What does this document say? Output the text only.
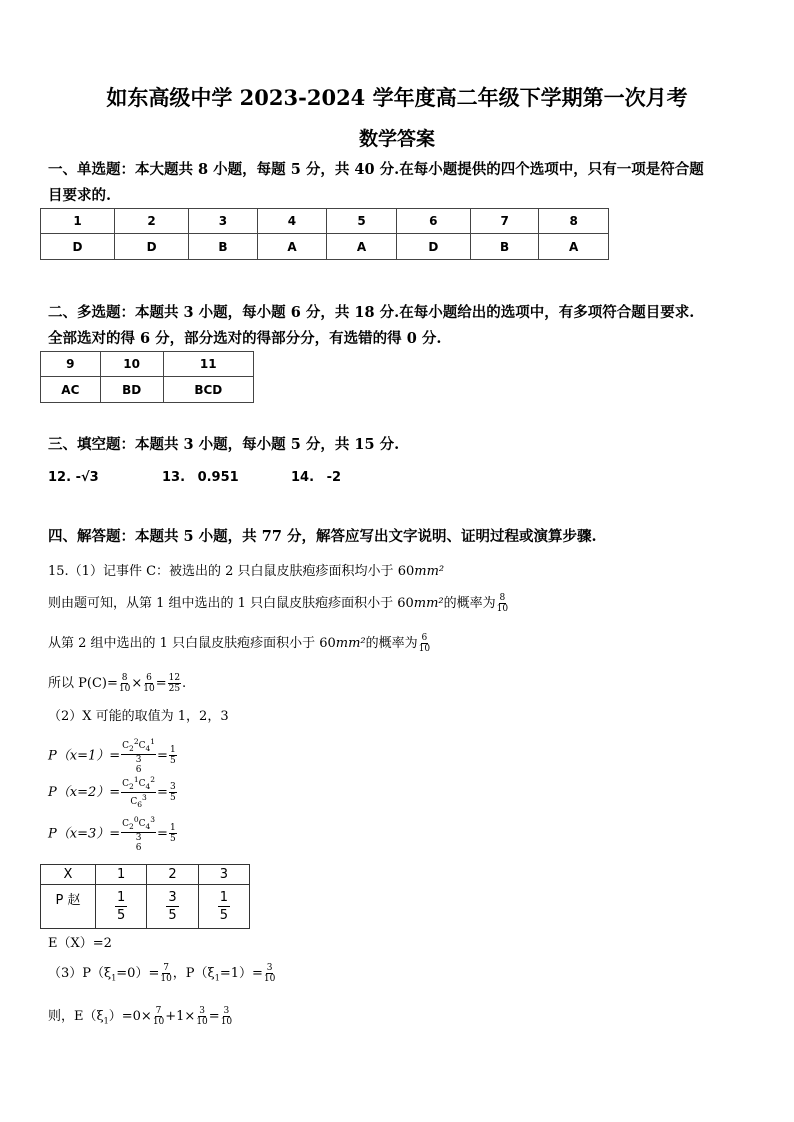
如东高级中学 2023-2024 学年度高二年级下学期第一次月考
数学答案
一、单选题：本大题共 8 小题，每题 5 分，共 40 分.在每小题提供的四个选项中，只有一项是符合题
目要求的.
1	2	3	4	5	6	7	8
D	D	B	A	A	D	B	A
二、多选题：本题共 3 小题，每小题 6 分，共 18 分.在每小题给出的选项中，有多项符合题目要求.
全部选对的得 6 分，部分选对的得部分分，有选错的得 0 分.
9	10	11
AC	BD	BCD
三、填空题：本题共 3 小题，每小题 5 分，共 15 分.
12. -√3	13. 0.951	14. -2
四、解答题：本题共 5 小题，共 77 分，解答应写出文字说明、证明过程或演算步骤.
15.（1）记事件 C：被选出的 2 只白鼠皮肤疱疹面积均小于 60mm²
则由题可知，从第 1 组中选出的 1 只白鼠皮肤疱疹面积小于 60mm²的概率为 $\frac{8}{10}$
从第 2 组中选出的 1 只白鼠皮肤疱疹面积小于 60mm²的概率为 $\frac{6}{10}$
所以 $P(C)= \frac{8}{10} \times \frac{6}{10} = \frac{12}{25}$ .
（2）X 可能的取值为 1，2，3
P（x=1）=
$C_2^2C_4^1$
3
6
= $\frac{1}{5}$
$P(x=2)= \frac{C_2^1C_4^2}{C_6^3} = \frac{3}{5}$
P（x=3）=
$C_2^0C_4^3$
3
6
= $\frac{1}{5}$
X	1	2	3
P 赵	$\frac{1}{5}$	$\frac{3}{5}$	$\frac{1}{5}$
E（X）=2
$(3)P(\xi_1=0)= \frac{7}{10}$ ，$P(\xi_1=1)= \frac{3}{10}$
则，$E(\xi_1)=0\times \frac{7}{10} +1\times \frac{3}{10} = \frac{3}{10}$
